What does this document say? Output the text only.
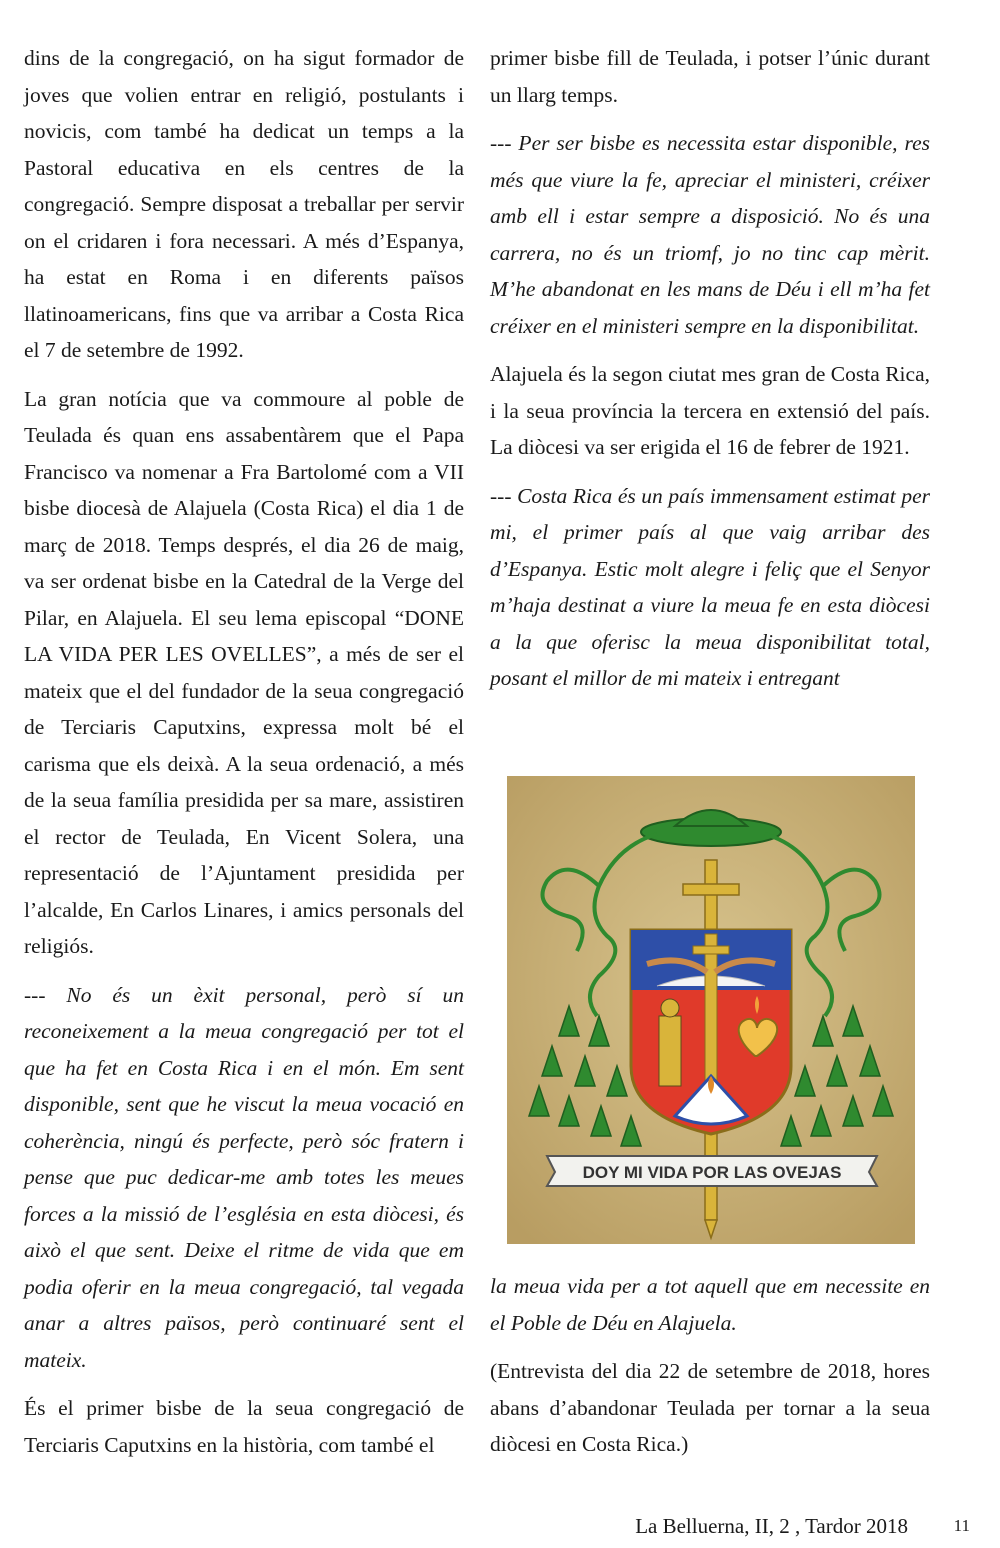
dins de la congregació, on ha sigut formador de joves que volien entrar en religió, postulants i novicis, com també ha dedicat un temps a la Pastoral educativa en els centres de la congregació. Sempre disposat a treballar per servir on el cridaren i fora necessari. A més d’Espanya, ha estat en Roma i en diferents països llatinoamericans, fins que va arribar a Costa Rica el 7 de setembre de 1992.

La gran notícia que va commoure al poble de Teulada és quan ens assabentàrem que el Papa Francisco va nomenar a Fra Bartolomé com a VII bisbe diocesà de Alajuela (Costa Rica) el dia 1 de març de 2018. Temps després, el dia 26 de maig, va ser ordenat bisbe en la Catedral de la Verge del Pilar, en Alajuela. El seu lema episcopal “DONE LA VIDA PER LES OVELLES”, a més de ser el mateix que el del fundador de la seua congregació de Terciaris Caputxins, expressa molt bé el carisma que els deixà. A la seua ordenació, a més de la seua família presidida per sa mare, assistiren el rector de Teulada, En Vicent Solera, una representació de l’Ajuntament presidida per l’alcalde, En Carlos Linares, i amics personals del religiós.

--- No és un èxit personal, però sí un reconeixement a la meua congregació per tot el que ha fet en Costa Rica i en el món. Em sent disponible, sent que he viscut la meua vocació en coherència, ningú és perfecte, però sóc fratern i pense que puc dedicar-me amb totes les meues forces a la missió de l’església en esta diòcesi, és això el que sent. Deixe el ritme de vida que em podia oferir en la meua congregació, tal vegada anar a altres països, però continuaré sent el mateix.

És el primer bisbe de la seua congregació de Terciaris Caputxins en la història, com també el

primer bisbe fill de Teulada, i potser l’únic durant un llarg temps.

--- Per ser bisbe es necessita estar disponible, res més que viure la fe, apreciar el ministeri, créixer amb ell i estar sempre a disposició. No és una carrera, no és un triomf, jo no tinc cap mèrit. M’he abandonat en les mans de Déu i ell m’ha fet créixer en el ministeri sempre en la disponibilitat.

Alajuela és la segon ciutat mes gran de Costa Rica, i la seua província la tercera en extensió del país. La diòcesi va ser erigida el 16 de febrer de 1921.

--- Costa Rica és un país immensament estimat per mi, el primer país al que vaig arribar des d’Espanya. Estic molt alegre i feliç que el Senyor m’haja destinat a viure la meua fe en esta diòcesi a la que oferisc la meua disponibilitat total, posant el millor de mi mateix i entregant

DOY MI VIDA POR LAS OVEJAS

la meua vida per a tot aquell que em necessite en el Poble de Déu en Alajuela.

(Entrevista del dia 22 de setembre de 2018, hores abans d’abandonar Teulada per tornar a la seua diòcesi en Costa Rica.)

La Belluerna, II, 2 , Tardor 2018	11
